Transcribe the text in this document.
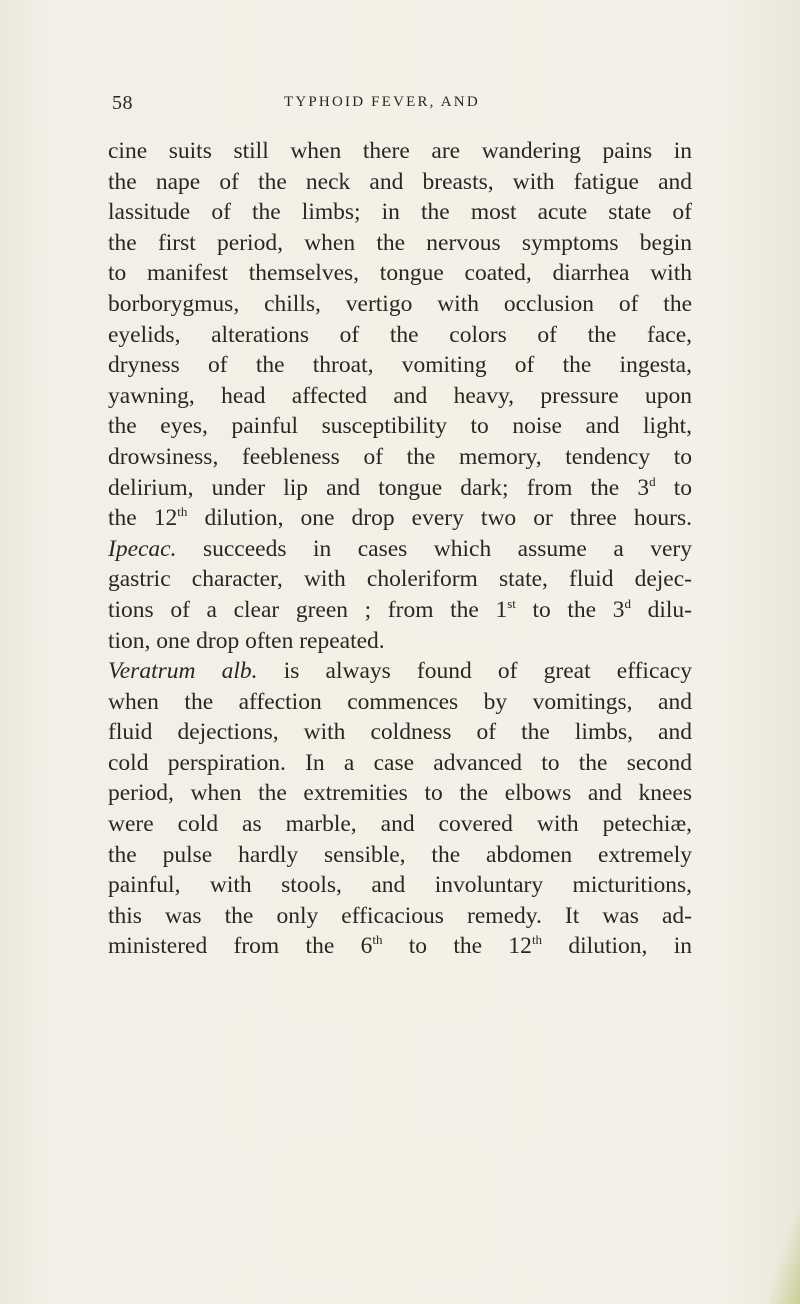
58	TYPHOID FEVER, AND
cine suits still when there are wandering pains in
the nape of the neck and breasts, with fatigue and
lassitude of the limbs; in the most acute state of
the first period, when the nervous symptoms begin
to manifest themselves, tongue coated, diarrhea with
borborygmus, chills, vertigo with occlusion of the
eyelids, alterations of the colors of the face,
dryness of the throat, vomiting of the ingesta,
yawning, head affected and heavy, pressure upon
the eyes, painful susceptibility to noise and light,
drowsiness, feebleness of the memory, tendency to
delirium, under lip and tongue dark; from the 3$^d$ to
the 12th dilution, one drop every two or three hours.
Ipecac. succeeds in cases which assume a very
gastric character, with choleriform state, fluid dejec-
tions of a clear green ; from the 1st to the 3$^d$ dilu-
tion, one drop often repeated.
Veratrum alb. is always found of great efficacy
when the affection commences by vomitings, and
fluid dejections, with coldness of the limbs, and
cold perspiration. In a case advanced to the second
period, when the extremities to the elbows and knees
were cold as marble, and covered with petechiæ,
the pulse hardly sensible, the abdomen extremely
painful, with stools, and involuntary micturitions,
this was the only efficacious remedy. It was ad-
ministered from the 6th to the 12th dilution, in
